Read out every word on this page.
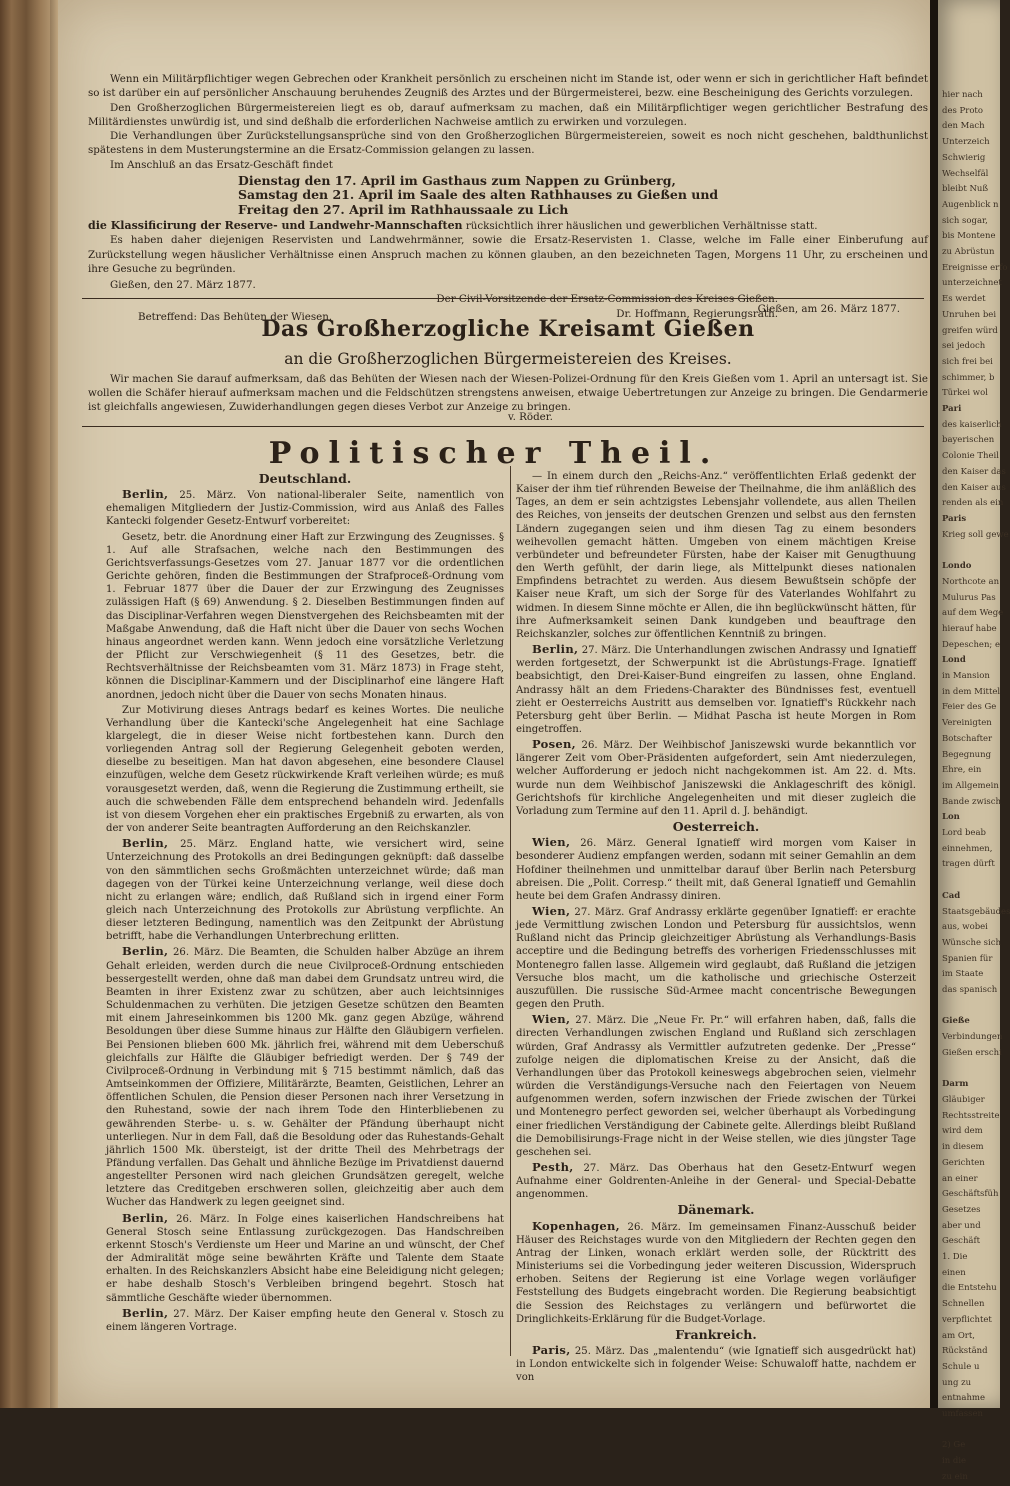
Wenn ein Militärpflichtiger wegen Gebrechen oder Krankheit persönlich zu erscheinen nicht im Stande ist, oder wenn er sich in gerichtlicher Haft befindet so ist darüber ein auf persönlicher Anschauung beruhendes Zeugniß des Arztes und der Bürgermeisterei, bezw. eine Bescheinigung des Gerichts vorzulegen.

Den Großherzoglichen Bürgermeistereien liegt es ob, darauf aufmerksam zu machen, daß ein Militärpflichtiger wegen gerichtlicher Bestrafung des Militärdienstes unwürdig ist, und sind deßhalb die erforderlichen Nachweise amtlich zu erwirken und vorzulegen.

Die Verhandlungen über Zurückstellungsansprüche sind von den Großherzoglichen Bürgermeistereien, soweit es noch nicht geschehen, baldthunlichst spätestens in dem Musterungstermine an die Ersatz-Commission gelangen zu lassen.

Im Anschluß an das Ersatz-Geschäft findet

Dienstag den 17. April im Gasthaus zum Nappen zu Grünberg,
Samstag den 21. April im Saale des alten Rathhauses zu Gießen und
Freitag den 27. April im Rathhaussaale zu Lich
die Klassificirung der Reserve- und Landwehr-Mannschaften rücksichtlich ihrer häuslichen und gewerblichen Verhältnisse statt.

Es haben daher diejenigen Reservisten und Landwehrmänner, sowie die Ersatz-Reservisten 1. Classe, welche im Falle einer Einberufung auf Zurückstellung wegen häuslicher Verhältnisse einen Anspruch machen zu können glauben, an den bezeichneten Tagen, Morgens 11 Uhr, zu erscheinen und ihre Gesuche zu begründen.

Gießen, den 27. März 1877.
Der Civil-Vorsitzende der Ersatz-Commission des Kreises Gießen.
Dr. Hoffmann, Regierungsrath.
Gießen, am 26. März 1877.
Betreffend: Das Behüten der Wiesen.
Das Großherzogliche Kreisamt Gießen
an die Großherzoglichen Bürgermeistereien des Kreises.

Wir machen Sie darauf aufmerksam, daß das Behüten der Wiesen nach der Wiesen-Polizei-Ordnung für den Kreis Gießen vom 1. April an untersagt ist. Sie wollen die Schäfer hierauf aufmerksam machen und die Feldschützen strengstens anweisen, etwaige Uebertretungen zur Anzeige zu bringen. Die Gendarmerie ist gleichfalls angewiesen, Zuwiderhandlungen gegen dieses Verbot zur Anzeige zu bringen.

v. Röder.
Politischer Theil.
Deutschland.

Berlin, 25. März. Von national-liberaler Seite, namentlich von ehemaligen Mitgliedern der Justiz-Commission, wird aus Anlaß des Falles Kantecki folgender Gesetz-Entwurf vorbereitet:

Gesetz, betr. die Anordnung einer Haft zur Erzwingung des Zeugnisses. § 1. Auf alle Strafsachen, welche nach den Bestimmungen des Gerichtsverfassungs-Gesetzes vom 27. Januar 1877 vor die ordentlichen Gerichte gehören, finden die Bestimmungen der Strafproceß-Ordnung vom 1. Februar 1877 über die Dauer der zur Erzwingung des Zeugnisses zulässigen Haft (§ 69) Anwendung. § 2. Dieselben Bestimmungen finden auf das Disciplinar-Verfahren wegen Dienstvergehen des Reichsbeamten mit der Maßgabe Anwendung, daß die Haft nicht über die Dauer von sechs Wochen hinaus angeordnet werden kann. Wenn jedoch eine vorsätzliche Verletzung der Pflicht zur Verschwiegenheit (§ 11 des Gesetzes, betr. die Rechtsverhältnisse der Reichsbeamten vom 31. März 1873) in Frage steht, können die Disciplinar-Kammern und der Disciplinarhof eine längere Haft anordnen, jedoch nicht über die Dauer von sechs Monaten hinaus.

Zur Motivirung dieses Antrags bedarf es keines Wortes. Die neuliche Verhandlung über die Kantecki'sche Angelegenheit hat eine Sachlage klargelegt, die in dieser Weise nicht fortbestehen kann. Durch den vorliegenden Antrag soll der Regierung Gelegenheit geboten werden, dieselbe zu beseitigen. Man hat davon abgesehen, eine besondere Clausel einzufügen, welche dem Gesetz rückwirkende Kraft verleihen würde; es muß vorausgesetzt werden, daß, wenn die Regierung die Zustimmung ertheilt, sie auch die schwebenden Fälle dem entsprechend behandeln wird. Jedenfalls ist von diesem Vorgehen eher ein praktisches Ergebniß zu erwarten, als von der von anderer Seite beantragten Aufforderung an den Reichskanzler.

Berlin, 25. März. England hatte, wie versichert wird, seine Unterzeichnung des Protokolls an drei Bedingungen geknüpft: daß dasselbe von den sämmtlichen sechs Großmächten unterzeichnet würde; daß man dagegen von der Türkei keine Unterzeichnung verlange, weil diese doch nicht zu erlangen wäre; endlich, daß Rußland sich in irgend einer Form gleich nach Unterzeichnung des Protokolls zur Abrüstung verpflichte. An dieser letzteren Bedingung, namentlich was den Zeitpunkt der Abrüstung betrifft, habe die Verhandlungen Unterbrechung erlitten.

Berlin, 26. März. Die Beamten, die Schulden halber Abzüge an ihrem Gehalt erleiden, werden durch die neue Civilproceß-Ordnung entschieden bessergestellt werden, ohne daß man dabei dem Grundsatz untreu wird, die Beamten in ihrer Existenz zwar zu schützen, aber auch leichtsinniges Schuldenmachen zu verhüten. Die jetzigen Gesetze schützen den Beamten mit einem Jahreseinkommen bis 1200 Mk. ganz gegen Abzüge, während Besoldungen über diese Summe hinaus zur Hälfte den Gläubigern verfielen. Bei Pensionen blieben 600 Mk. jährlich frei, während mit dem Ueberschuß gleichfalls zur Hälfte die Gläubiger befriedigt werden. Der § 749 der Civilproceß-Ordnung in Verbindung mit § 715 bestimmt nämlich, daß das Amtseinkommen der Offiziere, Militärärzte, Beamten, Geistlichen, Lehrer an öffentlichen Schulen, die Pension dieser Personen nach ihrer Versetzung in den Ruhestand, sowie der nach ihrem Tode den Hinterbliebenen zu gewährenden Sterbe- u. s. w. Gehälter der Pfändung überhaupt nicht unterliegen. Nur in dem Fall, daß die Besoldung oder das Ruhestands-Gehalt jährlich 1500 Mk. übersteigt, ist der dritte Theil des Mehrbetrags der Pfändung verfallen. Das Gehalt und ähnliche Bezüge im Privatdienst dauernd angestellter Personen wird nach gleichen Grundsätzen geregelt, welche letztere das Creditgeben erschweren sollen, gleichzeitig aber auch dem Wucher das Handwerk zu legen geeignet sind.

Berlin, 26. März. In Folge eines kaiserlichen Handschreibens hat General Stosch seine Entlassung zurückgezogen. Das Handschreiben erkennt Stosch's Verdienste um Heer und Marine an und wünscht, der Chef der Admiralität möge seine bewährten Kräfte und Talente dem Staate erhalten. In des Reichskanzlers Absicht habe eine Beleidigung nicht gelegen; er habe deshalb Stosch's Verbleiben bringend begehrt. Stosch hat sämmtliche Geschäfte wieder übernommen.

Berlin, 27. März. Der Kaiser empfing heute den General v. Stosch zu einem längeren Vortrage.

— In einem durch den „Reichs-Anz.“ veröffentlichten Erlaß gedenkt der Kaiser der ihm tief rührenden Beweise der Theilnahme, die ihm anläßlich des Tages, an dem er sein achtzigstes Lebensjahr vollendete, aus allen Theilen des Reiches, von jenseits der deutschen Grenzen und selbst aus den fernsten Ländern zugegangen seien und ihm diesen Tag zu einem besonders weihevollen gemacht hätten. Umgeben von einem mächtigen Kreise verbündeter und befreundeter Fürsten, habe der Kaiser mit Genugthuung den Werth gefühlt, der darin liege, als Mittelpunkt dieses nationalen Empfindens betrachtet zu werden. Aus diesem Bewußtsein schöpfe der Kaiser neue Kraft, um sich der Sorge für des Vaterlandes Wohlfahrt zu widmen. In diesem Sinne möchte er Allen, die ihn beglückwünscht hätten, für ihre Aufmerksamkeit seinen Dank kundgeben und beauftrage den Reichskanzler, solches zur öffentlichen Kenntniß zu bringen.

Berlin, 27. März. Die Unterhandlungen zwischen Andrassy und Ignatieff werden fortgesetzt, der Schwerpunkt ist die Abrüstungs-Frage. Ignatieff beabsichtigt, den Drei-Kaiser-Bund eingreifen zu lassen, ohne England. Andrassy hält an dem Friedens-Charakter des Bündnisses fest, eventuell zieht er Oesterreichs Austritt aus demselben vor. Ignatieff's Rückkehr nach Petersburg geht über Berlin. — Midhat Pascha ist heute Morgen in Rom eingetroffen.

Posen, 26. März. Der Weihbischof Janiszewski wurde bekanntlich vor längerer Zeit vom Ober-Präsidenten aufgefordert, sein Amt niederzulegen, welcher Aufforderung er jedoch nicht nachgekommen ist. Am 22. d. Mts. wurde nun dem Weihbischof Janiszewski die Anklageschrift des königl. Gerichtshofs für kirchliche Angelegenheiten und mit dieser zugleich die Vorladung zum Termine auf den 11. April d. J. behändigt.

Oesterreich.

Wien, 26. März. General Ignatieff wird morgen vom Kaiser in besonderer Audienz empfangen werden, sodann mit seiner Gemahlin an dem Hofdiner theilnehmen und unmittelbar darauf über Berlin nach Petersburg abreisen. Die „Polit. Corresp.“ theilt mit, daß General Ignatieff und Gemahlin heute bei dem Grafen Andrassy diniren.

Wien, 27. März. Graf Andrassy erklärte gegenüber Ignatieff: er erachte jede Vermittlung zwischen London und Petersburg für aussichtslos, wenn Rußland nicht das Princip gleichzeitiger Abrüstung als Verhandlungs-Basis acceptire und die Bedingung betreffs des vorherigen Friedensschlusses mit Montenegro fallen lasse. Allgemein wird geglaubt, daß Rußland die jetzigen Versuche blos macht, um die katholische und griechische Osterzeit auszufüllen. Die russische Süd-Armee macht concentrische Bewegungen gegen den Pruth.

Wien, 27. März. Die „Neue Fr. Pr.“ will erfahren haben, daß, falls die directen Verhandlungen zwischen England und Rußland sich zerschlagen würden, Graf Andrassy als Vermittler aufzutreten gedenke. Der „Presse“ zufolge neigen die diplomatischen Kreise zu der Ansicht, daß die Verhandlungen über das Protokoll keineswegs abgebrochen seien, vielmehr würden die Verständigungs-Versuche nach den Feiertagen von Neuem aufgenommen werden, sofern inzwischen der Friede zwischen der Türkei und Montenegro perfect geworden sei, welcher überhaupt als Vorbedingung einer friedlichen Verständigung der Cabinete gelte. Allerdings bleibt Rußland die Demobilisirungs-Frage nicht in der Weise stellen, wie dies jüngster Tage geschehen sei.

Pesth, 27. März. Das Oberhaus hat den Gesetz-Entwurf wegen Aufnahme einer Goldrenten-Anleihe in der General- und Special-Debatte angenommen.

Dänemark.

Kopenhagen, 26. März. Im gemeinsamen Finanz-Ausschuß beider Häuser des Reichstages wurde von den Mitgliedern der Rechten gegen den Antrag der Linken, wonach erklärt werden solle, der Rücktritt des Ministeriums sei die Vorbedingung jeder weiteren Discussion, Widerspruch erhoben. Seitens der Regierung ist eine Vorlage wegen vorläufiger Feststellung des Budgets eingebracht worden. Die Regierung beabsichtigt die Session des Reichstages zu verlängern und befürwortet die Dringlichkeits-Erklärung für die Budget-Vorlage.

Frankreich.

Paris, 25. März. Das „malentendu“ (wie Ignatieff sich ausgedrückt hat) in London entwickelte sich in folgender Weise: Schuwaloff hatte, nachdem er von

hier nach
des Proto
den Mach
Unterzeich
Schwierig
Wechselfäl
bleibt Nuß
Augenblick n
sich sogar,
bis Montene
zu Abrüstun
Ereignisse erfo
unterzeichnet
Es werdet
Unruhen bei
greifen würd
sei jedoch
sich frei bei
schimmer, b
Türkei wol
Pari
des kaiserlich
bayerischen
Colonie Theil
den Kaiser das
den Kaiser aus
renden als ein
Paris
Krieg soll gewe

Londo
Northcote an
Mulurus Pas
auf dem Wege
hierauf habe
Depeschen; e
Lond
in Mansion
in dem Mittel
Feier des Ge
Vereinigten
Botschafter
Begegnung
Ehre, ein
im Allgemein
Bande zwisch
Lon
Lord beab
einnehmen,
tragen dürft

Cad
Staatsgebäudes
aus, wobei
Wünsche sich
Spanien für
im Staate
das spanisch

Gieße
Verbindungen
Gießen erschi

Darm
Gläubiger
Rechtsstreite
wird dem
in diesem
Gerichten
an einer
Geschäftsfüh
Gesetzes
aber und
Geschäft
1. Die
einen
die Entstehu
Schnellen
verpflichtet
am Ort,
Rückständ
Schule u
ung zu
entnahme
umfassen

2) Ge
in die
zu ein
